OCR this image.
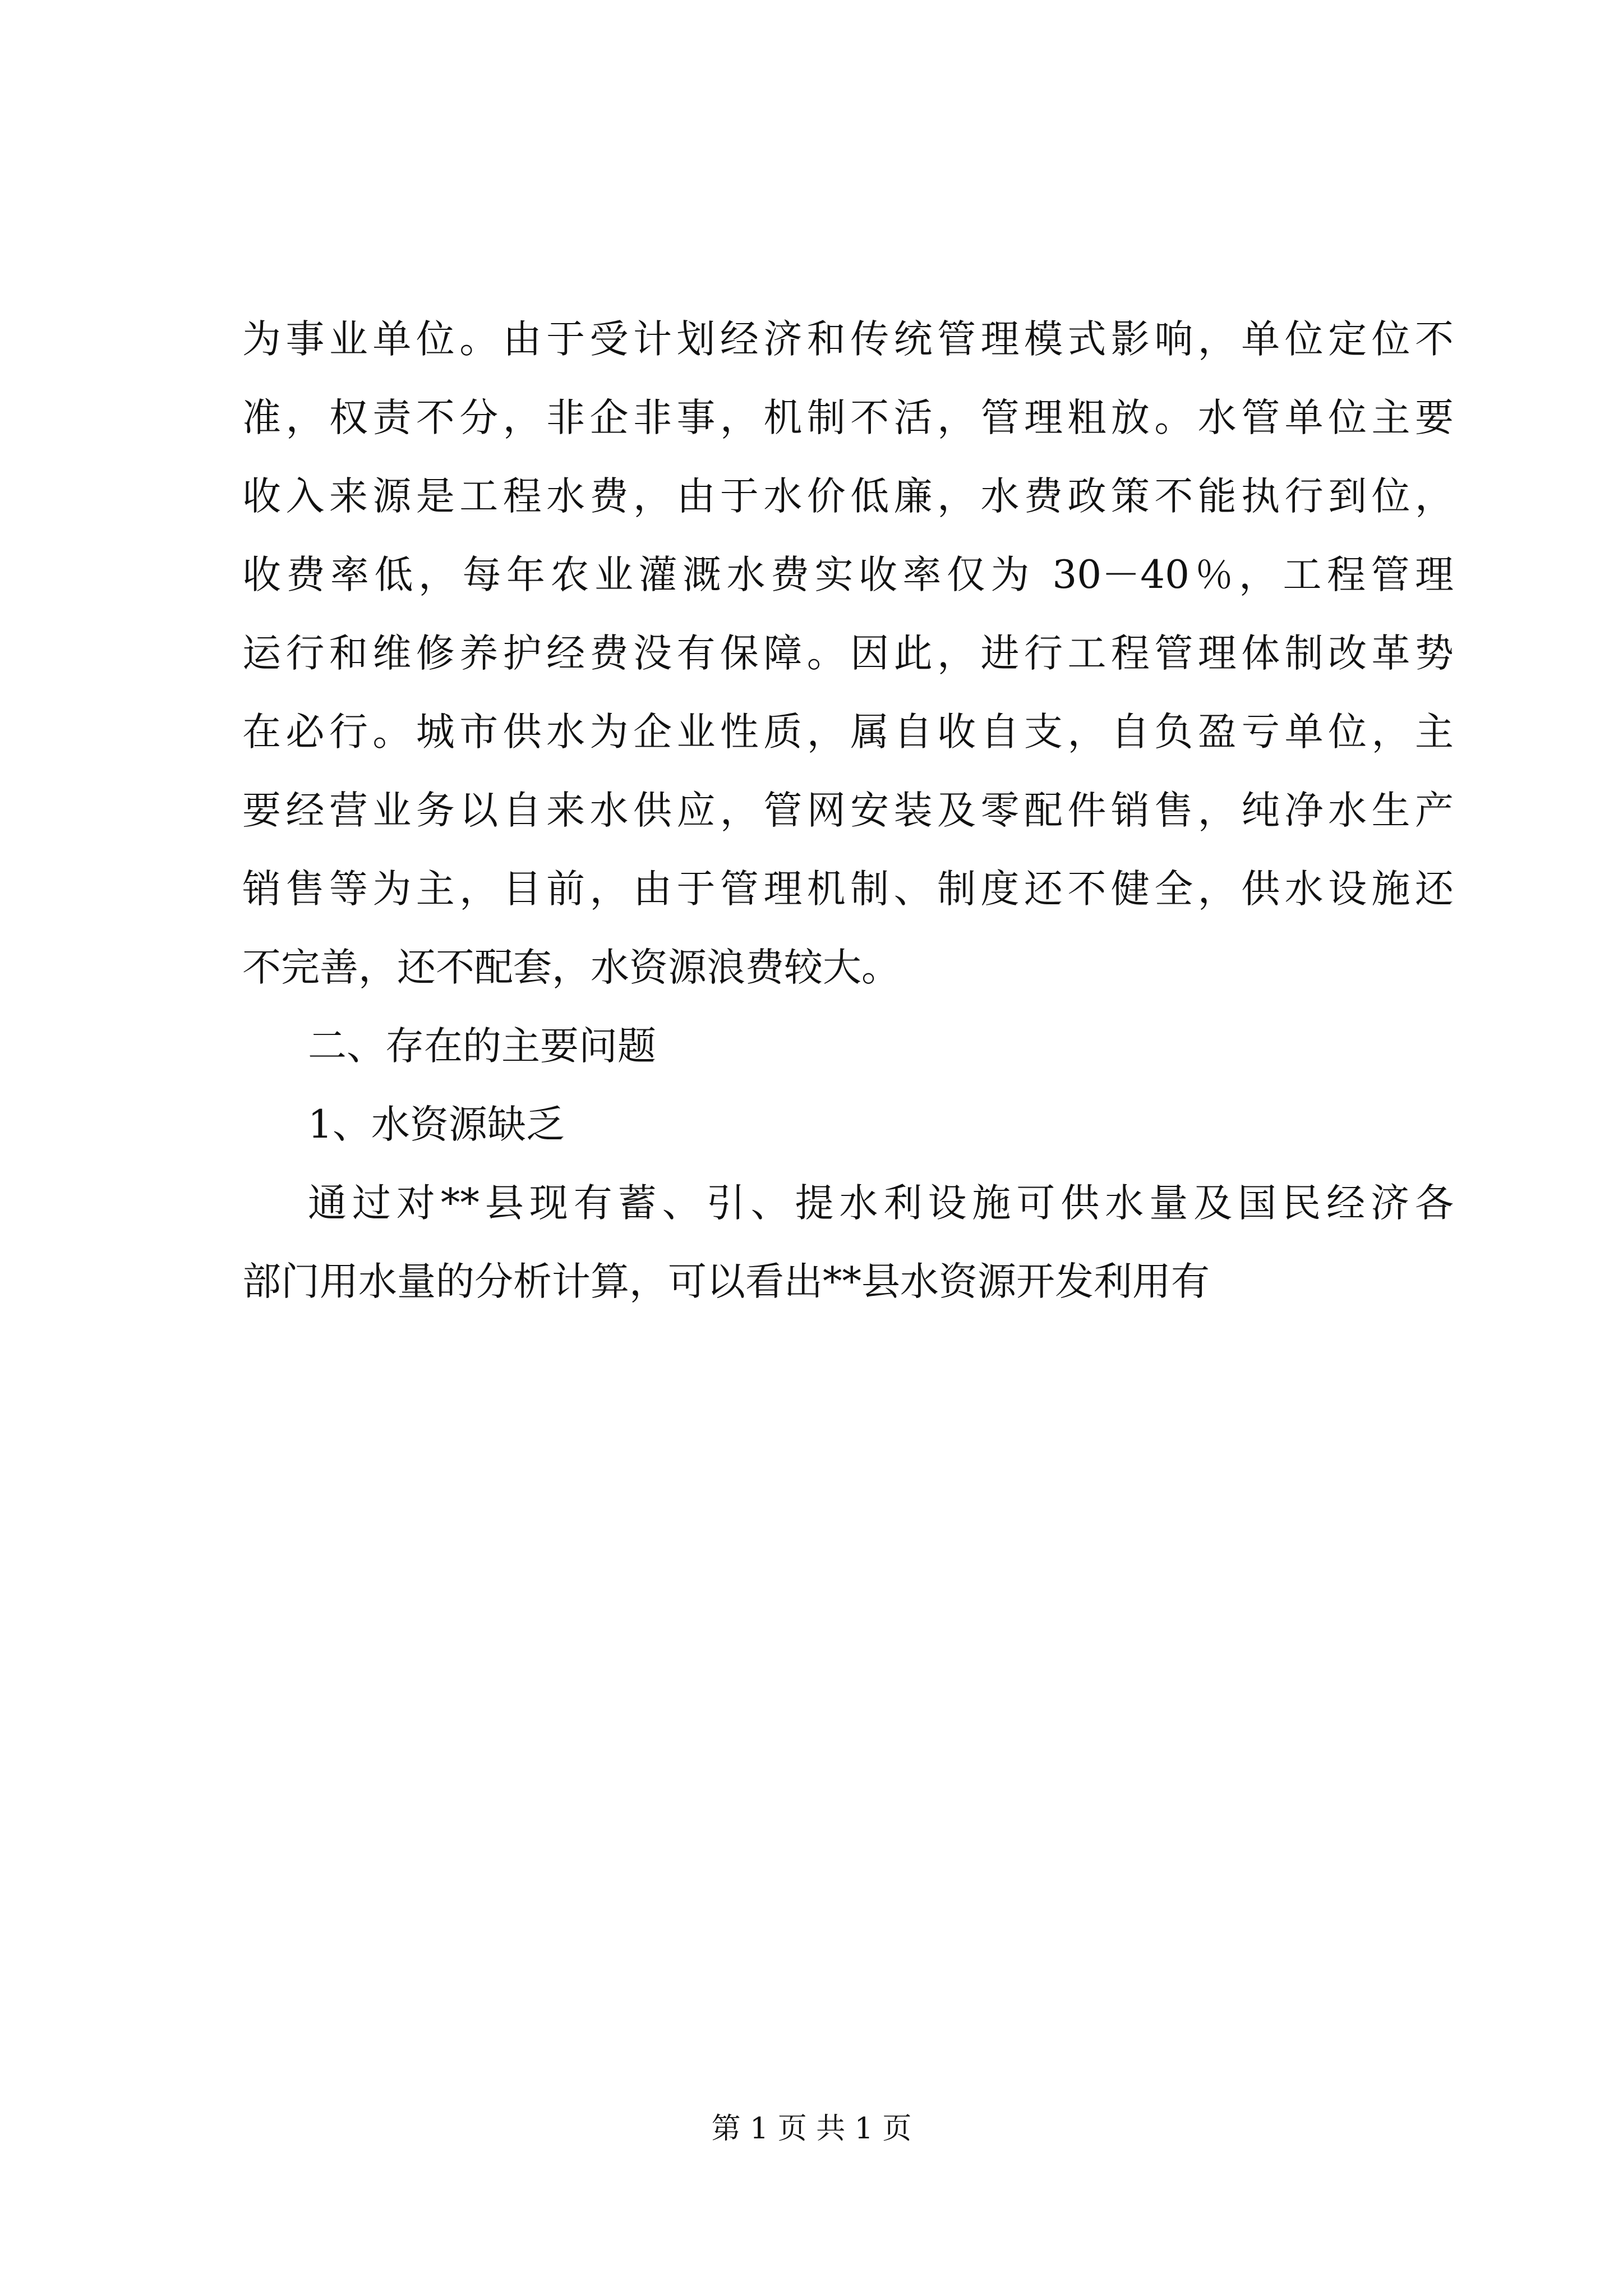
为事业单位。由于受计划经济和传统管理模式影响，单位定位不
准，权责不分，非企非事，机制不活，管理粗放。水管单位主要
收入来源是工程水费，由于水价低廉，水费政策不能执行到位，
收费率低，每年农业灌溉水费实收率仅为 30－40％，工程管理
运行和维修养护经费没有保障。因此，进行工程管理体制改革势
在必行。城市供水为企业性质，属自收自支，自负盈亏单位，主
要经营业务以自来水供应，管网安装及零配件销售，纯净水生产
销售等为主，目前，由于管理机制、制度还不健全，供水设施还
不完善，还不配套，水资源浪费较大。
二、存在的主要问题
1、水资源缺乏
通过对**县现有蓄、引、提水利设施可供水量及国民经济各
部门用水量的分析计算，可以看出**县水资源开发利用有
第 1 页 共 1 页
